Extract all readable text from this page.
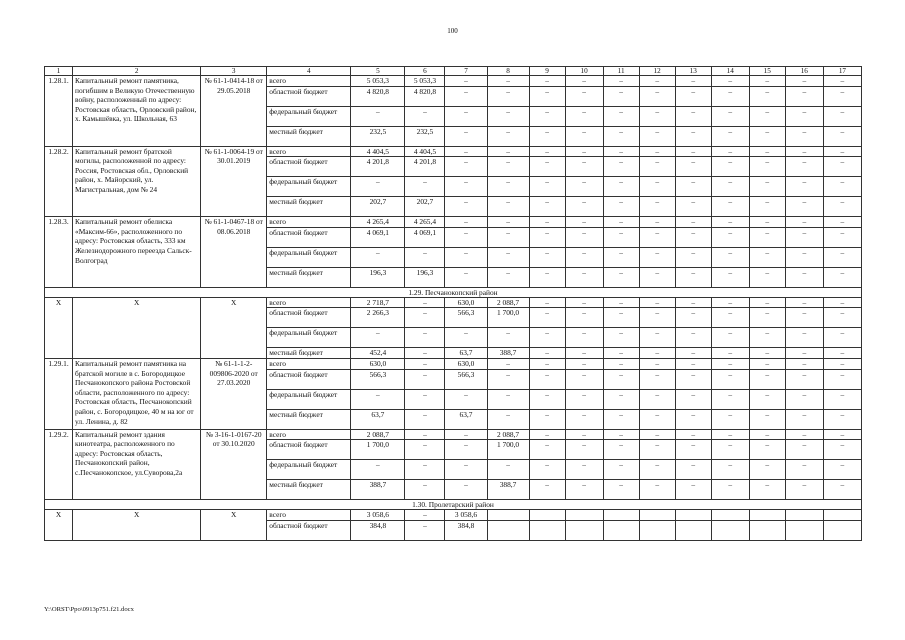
100
1	2	3	4	5	6	7	8	9	10	11	12	13	14	15	16	17
1.28.1.	Капитальный ремонт памятника, погибшим в Великую Отечественную войну, расположенный по адресу: Ростовская область, Орловский район, х. Камышёвка, ул. Школьная, 63	№ 61-1-0414-18 от 29.05.2018	всего	5 053,3	5 053,3	–	–	–	–	–	–	–	–	–	–	–
			областной бюджет	4 820,8	4 820,8	–	–	–	–	–	–	–	–	–	–	–
			федеральный бюджет	–	–	–	–	–	–	–	–	–	–	–	–	–
			местный бюджет	232,5	232,5	–	–	–	–	–	–	–	–	–	–	–
1.28.2.	Капитальный ремонт братской могилы, расположенной по адресу: Россия, Ростовская обл., Орловский район, х. Майорский, ул. Магистральная, дом № 24	№ 61-1-0064-19 от 30.01.2019	всего	4 404,5	4 404,5	–	–	–	–	–	–	–	–	–	–	–
			областной бюджет	4 201,8	4 201,8	–	–	–	–	–	–	–	–	–	–	–
			федеральный бюджет	–	–	–	–	–	–	–	–	–	–	–	–	–
			местный бюджет	202,7	202,7	–	–	–	–	–	–	–	–	–	–	–
1.28.3.	Капитальный ремонт обелиска «Максим-66», расположенного по адресу: Ростовская область, 333 км Железнодорожного переезда Сальск-Волгоград	№ 61-1-0467-18 от 08.06.2018	всего	4 265,4	4 265,4	–	–	–	–	–	–	–	–	–	–	–
			областной бюджет	4 069,1	4 069,1	–	–	–	–	–	–	–	–	–	–	–
			федеральный бюджет	–	–	–	–	–	–	–	–	–	–	–	–	–
			местный бюджет	196,3	196,3	–	–	–	–	–	–	–	–	–	–	–
1.29. Песчанокопский район																
Х	Х	Х	всего	2 718,7	–	630,0	2 088,7	–	–	–	–	–	–	–	–	–
			областной бюджет	2 266,3	–	566,3	1 700,0	–	–	–	–	–	–	–	–	–
			федеральный бюджет	–	–	–	–	–	–	–	–	–	–	–	–	–
			местный бюджет	452,4	–	63,7	388,7	–	–	–	–	–	–	–	–	–
1.29.1.	Капитальный ремонт памятника на братской могиле в с. Богородицкое Песчанокопского района Ростовской области, расположенного по адресу: Ростовская область, Песчанокопский район, с. Богородицкое, 40 м на юг от ул. Ленина, д. 82	№ 61-1-1-2-009806-2020 от 27.03.2020	всего	630,0	–	630,0	–	–	–	–	–	–	–	–	–	–
			областной бюджет	566,3	–	566,3	–	–	–	–	–	–	–	–	–	–
			федеральный бюджет	–	–	–	–	–	–	–	–	–	–	–	–	–
			местный бюджет	63,7	–	63,7	–	–	–	–	–	–	–	–	–	–
1.29.2.	Капитальный ремонт здания кинотеатра, расположенного по адресу: Ростовская область, Песчанокопский район, с.Песчанокопское, ул.Суворова,2а	№ 3-16-1-0167-20 от 30.10.2020	всего	2 088,7	–	–	2 088,7	–	–	–	–	–	–	–	–	–
			областной бюджет	1 700,0	–	–	1 700,0	–	–	–	–	–	–	–	–	–
			федеральный бюджет	–	–	–	–	–	–	–	–	–	–	–	–	–
			местный бюджет	388,7	–	–	388,7	–	–	–	–	–	–	–	–	–
1.30. Пролетарский район																
Х	Х	Х	всего	3 058,6	–	3 058,6										
			областной бюджет	384,8	–	384,8										
Y:\ORST\Ppo\0913p751.f21.docx
